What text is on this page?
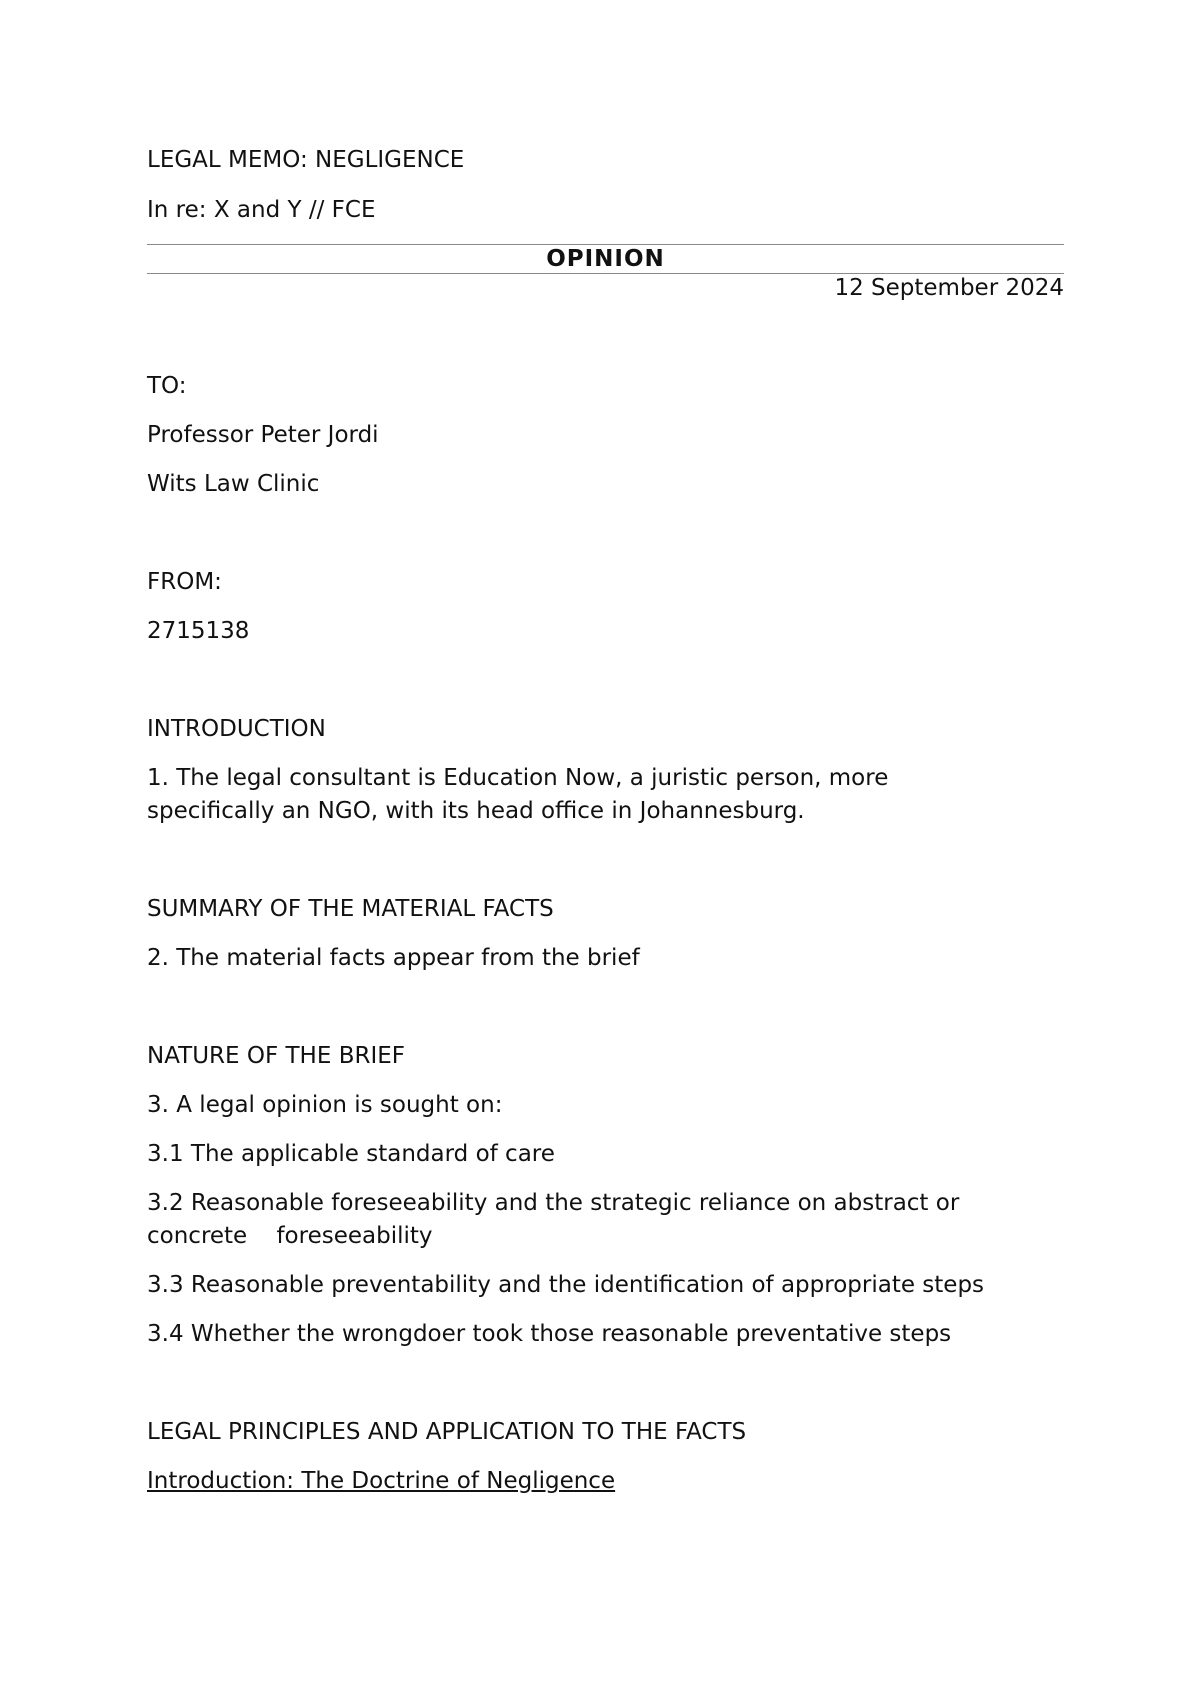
LEGAL MEMO: NEGLIGENCE
In re: X and Y // FCE
OPINION
12 September 2024
TO:
Professor Peter Jordi
Wits Law Clinic
FROM:
2715138
INTRODUCTION
1. The legal consultant is Education Now, a juristic person, more
specifically an NGO, with its head office in Johannesburg.
SUMMARY OF THE MATERIAL FACTS
2. The material facts appear from the brief
NATURE OF THE BRIEF
3. A legal opinion is sought on:
3.1 The applicable standard of care
3.2 Reasonable foreseeability and the strategic reliance on abstract or
concrete    foreseeability
3.3 Reasonable preventability and the identification of appropriate steps
3.4 Whether the wrongdoer took those reasonable preventative steps
LEGAL PRINCIPLES AND APPLICATION TO THE FACTS
Introduction: The Doctrine of Negligence
